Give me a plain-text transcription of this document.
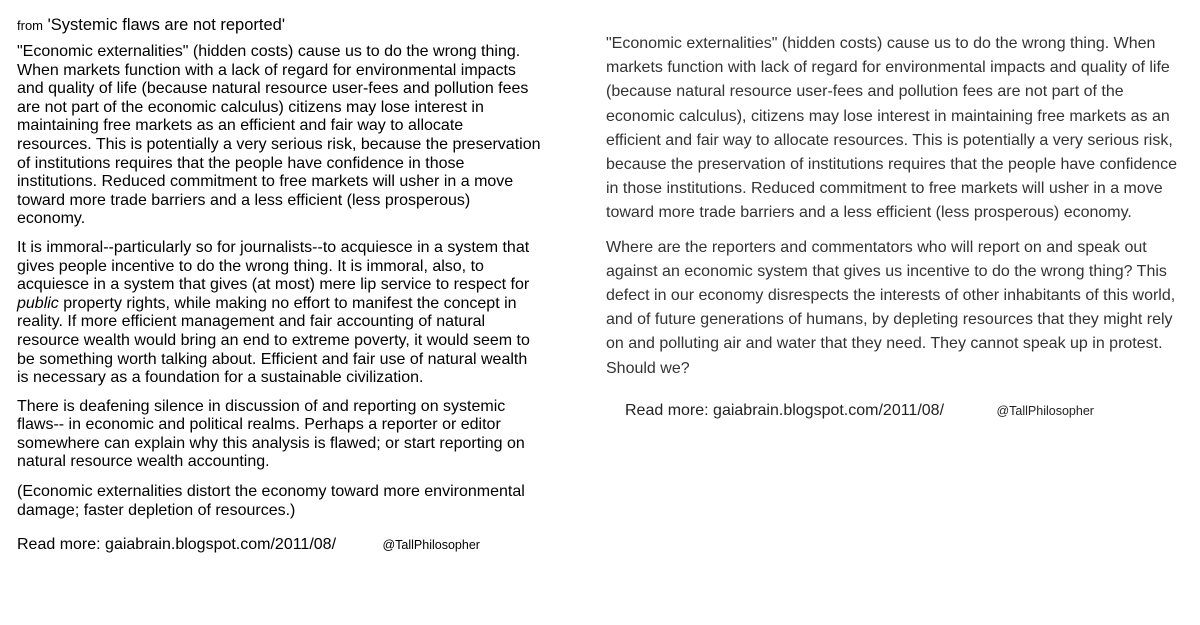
from 'Systemic flaws are not reported'

"Economic externalities" (hidden costs) cause us to do the wrong thing. When markets function with a lack of regard for environmental impacts and quality of life (because natural resource user-fees and pollution fees are not part of the economic calculus) citizens may lose interest in maintaining free markets as an efficient and fair way to allocate resources. This is potentially a very serious risk, because the preservation of institutions requires that the people have confidence in those institutions. Reduced commitment to free markets will usher in a move toward more trade barriers and a less efficient (less prosperous) economy.

It is immoral--particularly so for journalists--to acquiesce in a system that gives people incentive to do the wrong thing. It is immoral, also, to acquiesce in a system that gives (at most) mere lip service to respect for public property rights, while making no effort to manifest the concept in reality. If more efficient management and fair accounting of natural resource wealth would bring an end to extreme poverty, it would seem to be something worth talking about. Efficient and fair use of natural wealth is necessary as a foundation for a sustainable civilization.

There is deafening silence in discussion of and reporting on systemic flaws-- in economic and political realms. Perhaps a reporter or editor somewhere can explain why this analysis is flawed; or start reporting on natural resource wealth accounting.

(Economic externalities distort the economy toward more environmental damage; faster depletion of resources.)

Read more: gaiabrain.blogspot.com/2011/08/	@TallPhilosopher

"Economic externalities" (hidden costs) cause us to do the wrong thing. When markets function with lack of regard for environmental impacts and quality of life (because natural resource user-fees and pollution fees are not part of the economic calculus), citizens may lose interest in maintaining free markets as an efficient and fair way to allocate resources. This is potentially a very serious risk, because the preservation of institutions requires that the people have confidence in those institutions. Reduced commitment to free markets will usher in a move toward more trade barriers and a less efficient (less prosperous) economy.

Where are the reporters and commentators who will report on and speak out against an economic system that gives us incentive to do the wrong thing? This defect in our economy disrespects the interests of other inhabitants of this world, and of future generations of humans, by depleting resources that they might rely on and polluting air and water that they need. They cannot speak up in protest. Should we?

Read more: gaiabrain.blogspot.com/2011/08/	@TallPhilosopher
